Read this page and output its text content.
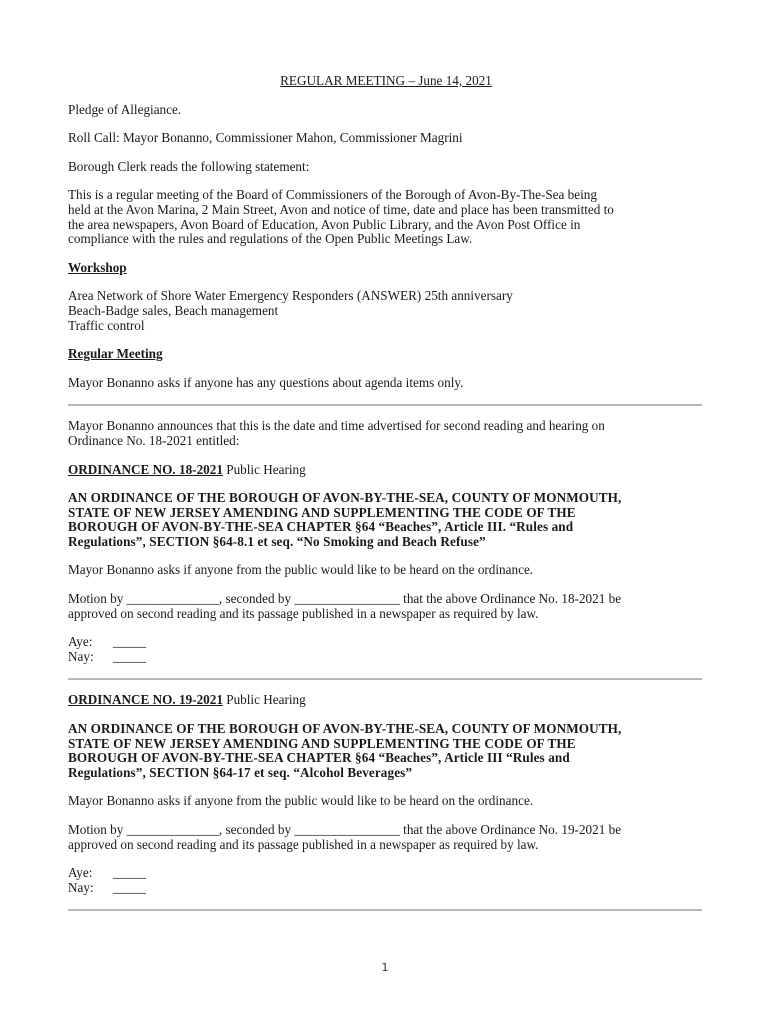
REGULAR MEETING – June 14, 2021

Pledge of Allegiance.

Roll Call: Mayor Bonanno, Commissioner Mahon, Commissioner Magrini

Borough Clerk reads the following statement:

This is a regular meeting of the Board of Commissioners of the Borough of Avon-By-The-Sea being
held at the Avon Marina, 2 Main Street, Avon and notice of time, date and place has been transmitted to
the area newspapers, Avon Board of Education, Avon Public Library, and the Avon Post Office in
compliance with the rules and regulations of the Open Public Meetings Law.

Workshop

Area Network of Shore Water Emergency Responders (ANSWER) 25th anniversary
Beach-Badge sales, Beach management
Traffic control

Regular Meeting

Mayor Bonanno asks if anyone has any questions about agenda items only.

Mayor Bonanno announces that this is the date and time advertised for second reading and hearing on
Ordinance No. 18-2021 entitled:

ORDINANCE NO. 18-2021 Public Hearing

AN ORDINANCE OF THE BOROUGH OF AVON-BY-THE-SEA, COUNTY OF MONMOUTH,
STATE OF NEW JERSEY AMENDING AND SUPPLEMENTING THE CODE OF THE
BOROUGH OF AVON-BY-THE-SEA CHAPTER §64 “Beaches”, Article III. “Rules and
Regulations”, SECTION §64-8.1 et seq. “No Smoking and Beach Refuse”

Mayor Bonanno asks if anyone from the public would like to be heard on the ordinance.

Motion by ______________, seconded by ________________ that the above Ordinance No. 18-2021 be
approved on second reading and its passage published in a newspaper as required by law.

Aye:	_____
Nay:	_____

ORDINANCE NO. 19-2021 Public Hearing

AN ORDINANCE OF THE BOROUGH OF AVON-BY-THE-SEA, COUNTY OF MONMOUTH,
STATE OF NEW JERSEY AMENDING AND SUPPLEMENTING THE CODE OF THE
BOROUGH OF AVON-BY-THE-SEA CHAPTER §64 “Beaches”, Article III “Rules and
Regulations”, SECTION §64-17 et seq. “Alcohol Beverages”

Mayor Bonanno asks if anyone from the public would like to be heard on the ordinance.

Motion by ______________, seconded by ________________ that the above Ordinance No. 19-2021 be
approved on second reading and its passage published in a newspaper as required by law.

Aye:	_____
Nay:	_____
1
